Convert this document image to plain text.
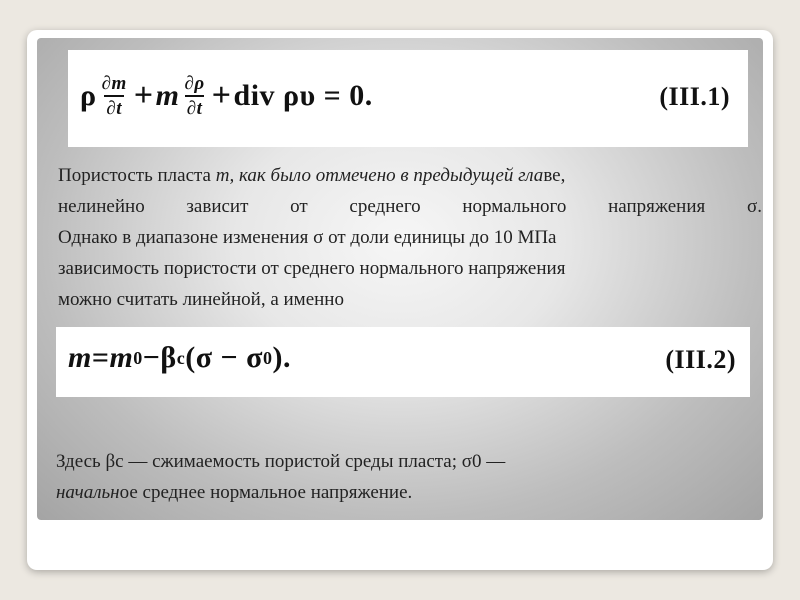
ρ $\frac{\partial m}{\partial t} + m \frac{\partial\rho}{\partial t}$ + div ρυ = 0.	(III.1)
Пористость пласта m, как было отмечено в предыдущей главе,
нелинейно зависит от среднего нормального напряжения σ.
Однако в диапазоне изменения σ от доли единицы до 10 МПа
зависимость пористости от среднего нормального напряжения
можно считать линейной, а именно
m = m 0 − β c (σ − σ 0 ).	(III.2)
Здесь βс — сжимаемость пористой среды пласта; σ0 —
начальное среднее нормальное напряжение.
